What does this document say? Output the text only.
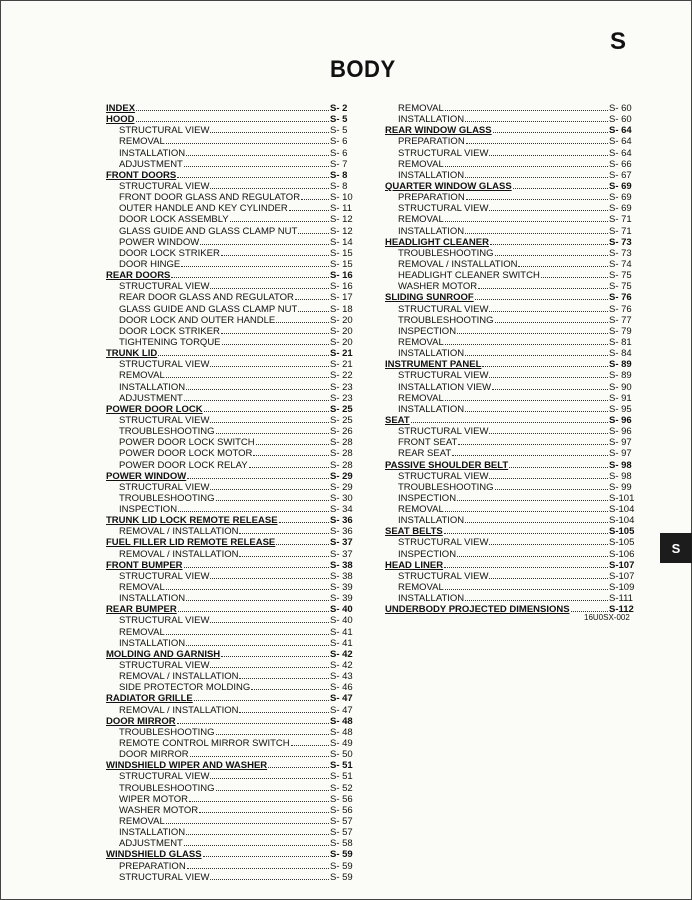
S
BODY
INDEX	S- 2
HOOD	S- 5
STRUCTURAL VIEW	S- 5
REMOVAL	S- 6
INSTALLATION	S- 6
ADJUSTMENT	S- 7
FRONT DOORS	S- 8
STRUCTURAL VIEW	S- 8
FRONT DOOR GLASS AND REGULATOR	S- 10
OUTER HANDLE AND KEY CYLINDER	S- 11
DOOR LOCK ASSEMBLY	S- 12
GLASS GUIDE AND GLASS CLAMP NUT	S- 12
POWER WINDOW	S- 14
DOOR LOCK STRIKER	S- 15
DOOR HINGE	S- 15
REAR DOORS	S- 16
STRUCTURAL VIEW	S- 16
REAR DOOR GLASS AND REGULATOR	S- 17
GLASS GUIDE AND GLASS CLAMP NUT	S- 18
DOOR LOCK AND OUTER HANDLE	S- 20
DOOR LOCK STRIKER	S- 20
TIGHTENING TORQUE	S- 20
TRUNK LID	S- 21
STRUCTURAL VIEW	S- 21
REMOVAL	S- 22
INSTALLATION	S- 23
ADJUSTMENT	S- 23
POWER DOOR LOCK	S- 25
STRUCTURAL VIEW	S- 25
TROUBLESHOOTING	S- 26
POWER DOOR LOCK SWITCH	S- 28
POWER DOOR LOCK MOTOR	S- 28
POWER DOOR LOCK RELAY	S- 28
POWER WINDOW	S- 29
STRUCTURAL VIEW	S- 29
TROUBLESHOOTING	S- 30
INSPECTION	S- 34
TRUNK LID LOCK REMOTE RELEASE	S- 36
REMOVAL / INSTALLATION	S- 36
FUEL FILLER LID REMOTE RELEASE	S- 37
REMOVAL / INSTALLATION	S- 37
FRONT BUMPER	S- 38
STRUCTURAL VIEW	S- 38
REMOVAL	S- 39
INSTALLATION	S- 39
REAR BUMPER	S- 40
STRUCTURAL VIEW	S- 40
REMOVAL	S- 41
INSTALLATION	S- 41
MOLDING AND GARNISH	S- 42
STRUCTURAL VIEW	S- 42
REMOVAL / INSTALLATION	S- 43
SIDE PROTECTOR MOLDING	S- 46
RADIATOR GRILLE	S- 47
REMOVAL / INSTALLATION	S- 47
DOOR MIRROR	S- 48
TROUBLESHOOTING	S- 48
REMOTE CONTROL MIRROR SWITCH	S- 49
DOOR MIRROR	S- 50
WINDSHIELD WIPER AND WASHER	S- 51
STRUCTURAL VIEW	S- 51
TROUBLESHOOTING	S- 52
WIPER MOTOR	S- 56
WASHER MOTOR	S- 56
REMOVAL	S- 57
INSTALLATION	S- 57
ADJUSTMENT	S- 58
WINDSHIELD GLASS	S- 59
PREPARATION	S- 59
STRUCTURAL VIEW	S- 59
REMOVAL	S- 60
INSTALLATION	S- 60
REAR WINDOW GLASS	S- 64
PREPARATION	S- 64
STRUCTURAL VIEW	S- 64
REMOVAL	S- 66
INSTALLATION	S- 67
QUARTER WINDOW GLASS	S- 69
PREPARATION	S- 69
STRUCTURAL VIEW	S- 69
REMOVAL	S- 71
INSTALLATION	S- 71
HEADLIGHT CLEANER	S- 73
TROUBLESHOOTING	S- 73
REMOVAL / INSTALLATION	S- 74
HEADLIGHT CLEANER SWITCH	S- 75
WASHER MOTOR	S- 75
SLIDING SUNROOF	S- 76
STRUCTURAL VIEW	S- 76
TROUBLESHOOTING	S- 77
INSPECTION	S- 79
REMOVAL	S- 81
INSTALLATION	S- 84
INSTRUMENT PANEL	S- 89
STRUCTURAL VIEW	S- 89
INSTALLATION VIEW	S- 90
REMOVAL	S- 91
INSTALLATION	S- 95
SEAT	S- 96
STRUCTURAL VIEW	S- 96
FRONT SEAT	S- 97
REAR SEAT	S- 97
PASSIVE SHOULDER BELT	S- 98
STRUCTURAL VIEW	S- 98
TROUBLESHOOTING	S- 99
INSPECTION	S-101
REMOVAL	S-104
INSTALLATION	S-104
SEAT BELTS	S-105
STRUCTURAL VIEW	S-105
INSPECTION	S-106
HEAD LINER	S-107
STRUCTURAL VIEW	S-107
REMOVAL	S-109
INSTALLATION	S-111
UNDERBODY PROJECTED DIMENSIONS	S-112
16U0SX-002
S
